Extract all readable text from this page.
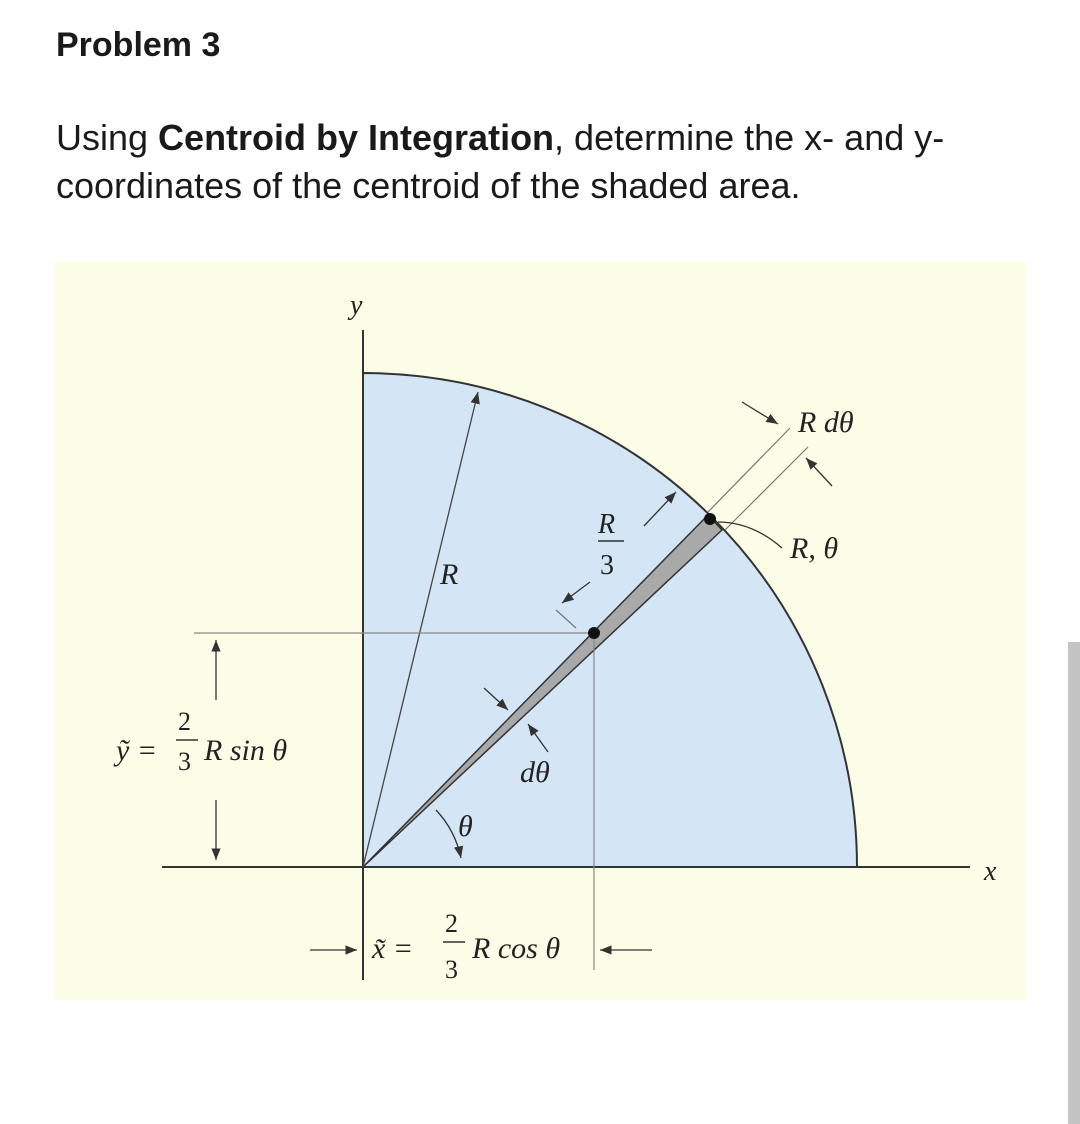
Problem 3

Using Centroid by Integration, determine the x- and y-coordinates of the centroid of the shaded area.

y
x
R
R
3
R dθ
R, θ
dθ
θ
ỹ =
2
3 R sin θ
x̃ =
2
3
R cos θ
